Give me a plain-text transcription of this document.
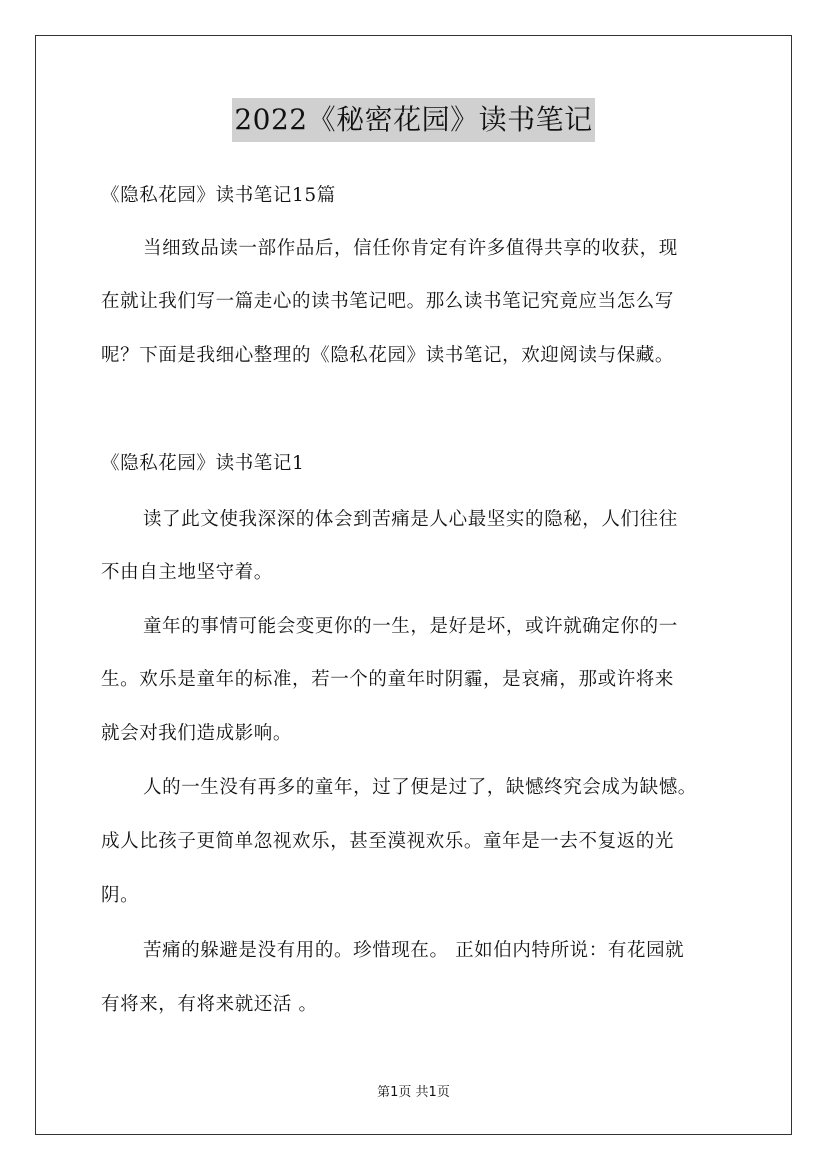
2022《秘密花园》读书笔记
《隐私花园》读书笔记15篇
当细致品读一部作品后，信任你肯定有许多值得共享的收获，现
在就让我们写一篇走心的读书笔记吧。那么读书笔记究竟应当怎么写
呢？下面是我细心整理的《隐私花园》读书笔记，欢迎阅读与保藏。
《隐私花园》读书笔记1
读了此文使我深深的体会到苦痛是人心最坚实的隐秘，人们往往
不由自主地坚守着。
童年的事情可能会变更你的一生，是好是坏，或许就确定你的一
生。欢乐是童年的标准，若一个的童年时阴霾，是哀痛，那或许将来
就会对我们造成影响。
人的一生没有再多的童年，过了便是过了，缺憾终究会成为缺憾。
成人比孩子更简单忽视欢乐，甚至漠视欢乐。童年是一去不复返的光
阴。
苦痛的躲避是没有用的。珍惜现在。 正如伯内特所说：有花园就
有将来，有将来就还活 。
第1页 共1页
